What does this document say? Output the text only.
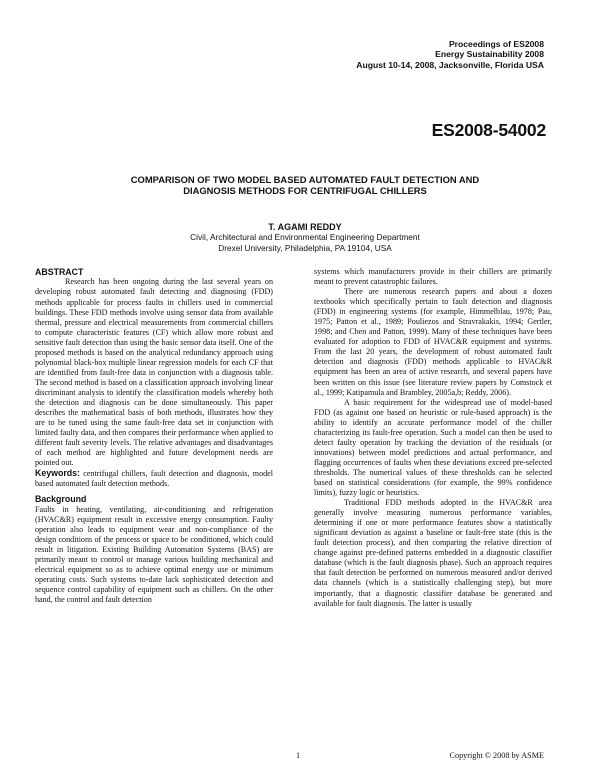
Proceedings of ES2008
Energy Sustainability 2008
August 10-14, 2008, Jacksonville, Florida USA
ES2008-54002
COMPARISON OF TWO MODEL BASED AUTOMATED FAULT DETECTION AND
DIAGNOSIS METHODS FOR CENTRIFUGAL CHILLERS
T. AGAMI REDDY
Civil, Architectural and Environmental Engineering Department
Drexel University, Philadelphia, PA 19104, USA
ABSTRACT

Research has been ongoing during the last several years on developing robust automated fault detecting and diagnosing (FDD) methods applicable for process faults in chillers used in commercial buildings. These FDD methods involve using sensor data from available thermal, pressure and electrical measurements from commercial chillers to compute characteristic features (CF) which allow more robust and sensitive fault detection than using the basic sensor data itself. One of the proposed methods is based on the analytical redundancy approach using polynomial black-box multiple linear regression models for each CF that are identified from fault-free data in conjunction with a diagnosis table. The second method is based on a classification approach involving linear discriminant analysis to identify the classification models whereby both the detection and diagnosis can be done simultaneously. This paper describes the mathematical basis of both methods, illustrates how they are to be tuned using the same fault-free data set in conjunction with limited faulty data, and then compares their performance when applied to different fault severity levels. The relative advantages and disadvantages of each method are highlighted and future development needs are pointed out.

Keywords: centrifugal chillers, fault detection and diagnosis, model based automated fault detection methods.

Background

Faults in heating, ventilating, air-conditioning and refrigeration (HVAC&R) equipment result in excessive energy consumption. Faulty operation also leads to equipment wear and non-compliance of the design conditions of the process or space to be conditioned, which could result in litigation. Existing Building Automation Systems (BAS) are primarily meant to control or manage various building mechanical and electrical equipment so as to achieve optimal energy use or minimum operating costs. Such systems to-date lack sophisticated detection and sequence control capability of equipment such as chillers. On the other hand, the control and fault detection

systems which manufacturers provide in their chillers are primarily meant to prevent catastrophic failures.

There are numerous research papers and about a dozen textbooks which specifically pertain to fault detection and diagnosis (FDD) in engineering systems (for example, Himmelblau, 1978; Pau, 1975; Patton et al., 1989; Pouliezos and Stravrakakis, 1994; Gertler, 1998; and Chen and Patton, 1999). Many of these techniques have been evaluated for adoption to FDD of HVAC&R equipment and systems. From the last 20 years, the development of robust automated fault detection and diagnosis (FDD) methods applicable to HVAC&R equipment has been an area of active research, and several papers have been written on this issue (see literature review papers by Comstock et al., 1999; Katipamula and Brambley, 2005a,b; Reddy, 2006).

A basic requirement for the widespread use of model-based FDD (as against one based on heuristic or rule-based approach) is the ability to identify an accurate performance model of the chiller characterizing its fault-free operation. Such a model can then be used to detect faulty operation by tracking the deviation of the residuals (or innovations) between model predictions and actual performance, and flagging occurrences of faults when these deviations exceed pre-selected thresholds. The numerical values of these thresholds can be selected based on statistical considerations (for example, the 99% confidence limits), fuzzy logic or heuristics.

Traditional FDD methods adopted in the HVAC&R area generally involve measuring numerous performance variables, determining if one or more performance features show a statistically significant deviation as against a baseline or fault-free state (this is the fault detection process), and then comparing the relative direction of change against pre-defined patterns embedded in a diagnostic classifier database (which is the fault diagnosis phase). Such an approach requires that fault detection be performed on numerous measured and/or derived data channels (which is a statistically challenging step), but more importantly, that a diagnostic classifier database be generated and available for fault diagnosis. The latter is usually

1	Copyright © 2008 by ASME
